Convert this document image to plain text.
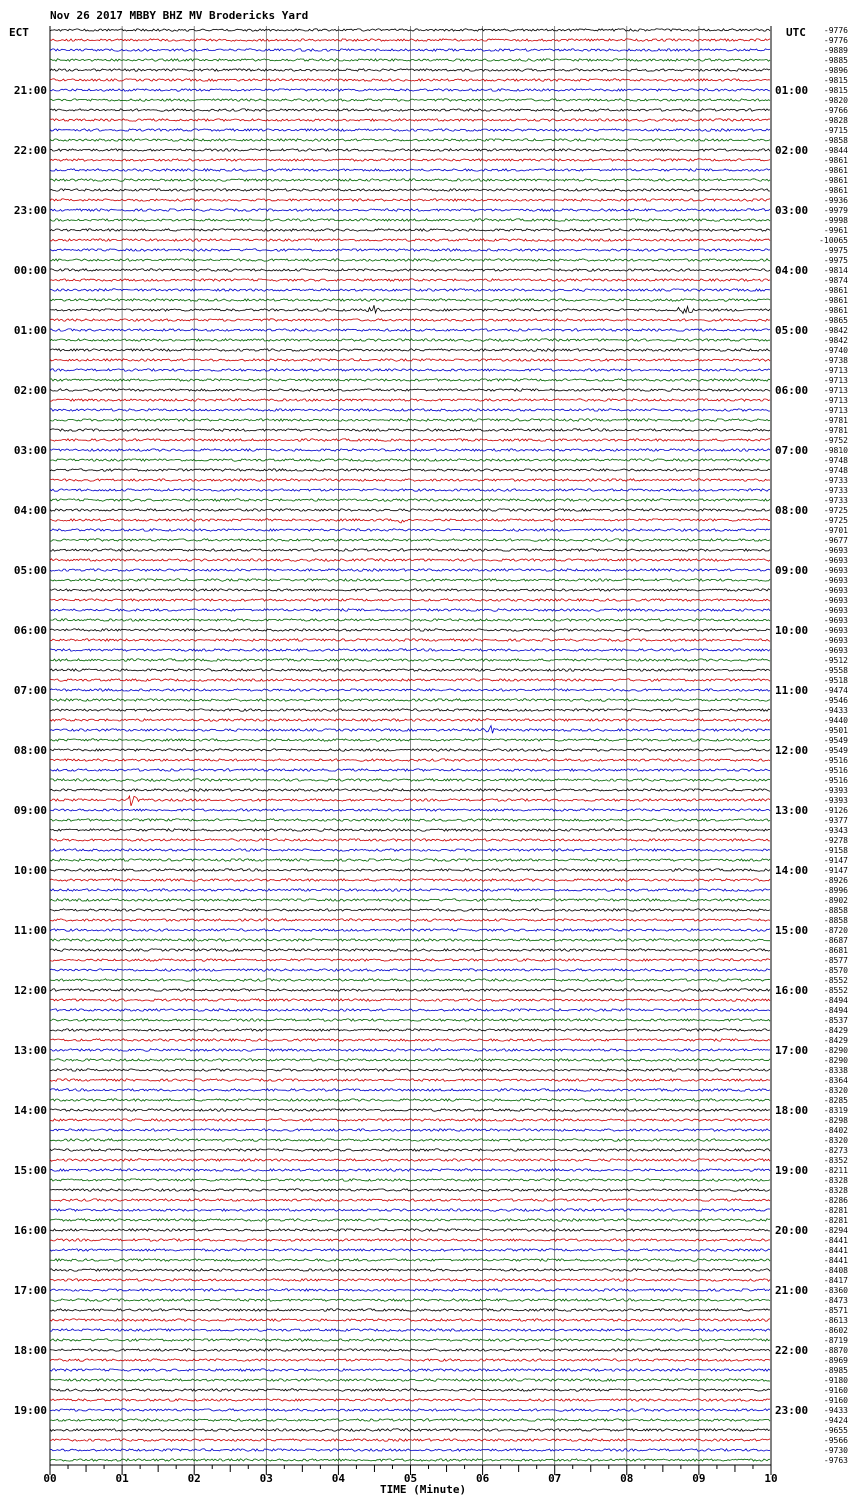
Nov 26 2017 MBBY BHZ MV Brodericks Yard
ECT	UTC
21:00
22:00
23:00
00:00
01:00
02:00
03:00
04:00
05:00
06:00
07:00
08:00
09:00
10:00
11:00
12:00
13:00
14:00
15:00
16:00
17:00
18:00
19:00
01:00
02:00
03:00
04:00
05:00
06:00
07:00
08:00
09:00
10:00
11:00
12:00
13:00
14:00
15:00
16:00
17:00
18:00
19:00
20:00
21:00
22:00
23:00
-9776
-9776
-9889
-9885
-9896
-9815
-9815
-9820
-9766
-9828
-9715
-9858
-9844
-9861
-9861
-9861
-9861
-9936
-9979
-9998
-9961
-10065
-9975
-9975
-9814
-9874
-9861
-9861
-9861
-9865
-9842
-9842
-9740
-9738
-9713
-9713
-9713
-9713
-9713
-9781
-9781
-9752
-9810
-9748
-9748
-9733
-9733
-9733
-9725
-9725
-9701
-9677
-9693
-9693
-9693
-9693
-9693
-9693
-9693
-9693
-9693
-9693
-9693
-9512
-9558
-9518
-9474
-9546
-9433
-9440
-9501
-9549
-9549
-9516
-9516
-9516
-9393
-9393
-9126
-9377
-9343
-9278
-9158
-9147
-9147
-8926
-8996
-8902
-8858
-8858
-8720
-8687
-8681
-8577
-8570
-8552
-8552
-8494
-8494
-8537
-8429
-8429
-8290
-8290
-8338
-8364
-8320
-8285
-8319
-8298
-8402
-8320
-8273
-8352
-8211
-8328
-8328
-8286
-8281
-8281
-8294
-8441
-8441
-8441
-8408
-8417
-8360
-8473
-8571
-8613
-8602
-8719
-8870
-8969
-8985
-9180
-9160
-9160
-9433
-9424
-9655
-9566
-9730
-9763
00	01	02	03	04	05	06	07	08	09	10
TIME (Minute)
